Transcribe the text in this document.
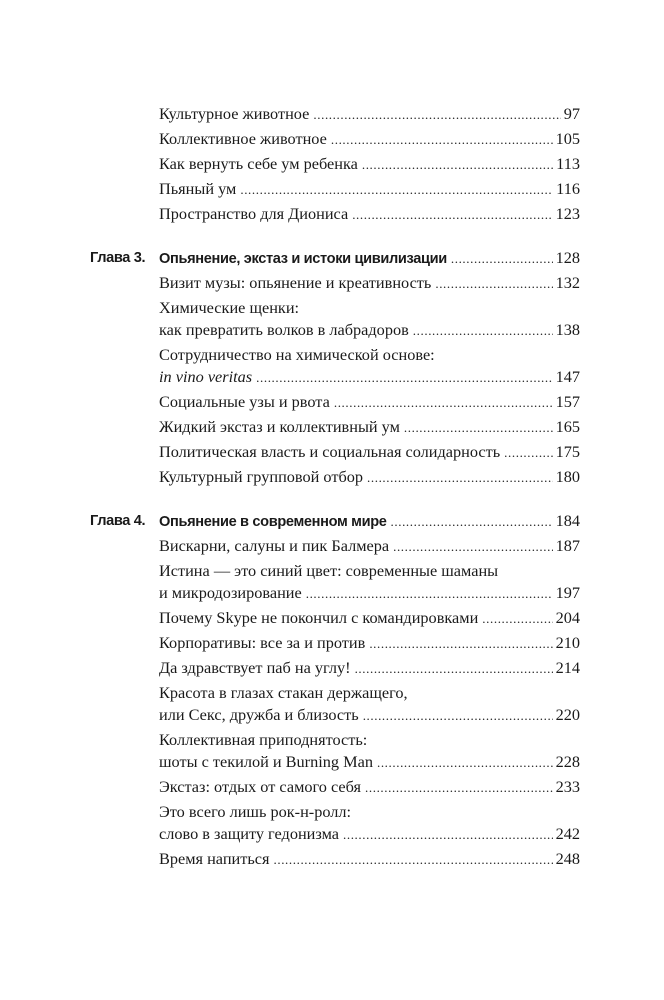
Культурное животное .....	97
Коллективное животное .....	105
Как вернуть себе ум ребенка .....	113
Пьяный ум .....	116
Пространство для Диониса .....	123
Глава 3. Опьянение, экстаз и истоки цивилизации .....	128
Визит музы: опьянение и креативность .....	132
Химические щенки:
как превратить волков в лабрадоров .....	138
Сотрудничество на химической основе:
in vino veritas .....	147
Социальные узы и рвота .....	157
Жидкий экстаз и коллективный ум .....	165
Политическая власть и социальная солидарность .....	175
Культурный групповой отбор .....	180
Глава 4. Опьянение в современном мире .....	184
Вискарни, салуны и пик Балмера .....	187
Истина — это синий цвет: современные шаманы
и микродозирование .....	197
Почему Skype не покончил с командировками .....	204
Корпоративы: все за и против .....	210
Да здравствует паб на углу! .....	214
Красота в глазах стакан держащего,
или Секс, дружба и близость .....	220
Коллективная приподнятость:
шоты с текилой и Burning Man .....	228
Экстаз: отдых от самого себя .....	233
Это всего лишь рок-н-ролл:
слово в защиту гедонизма .....	242
Время напиться .....	248
